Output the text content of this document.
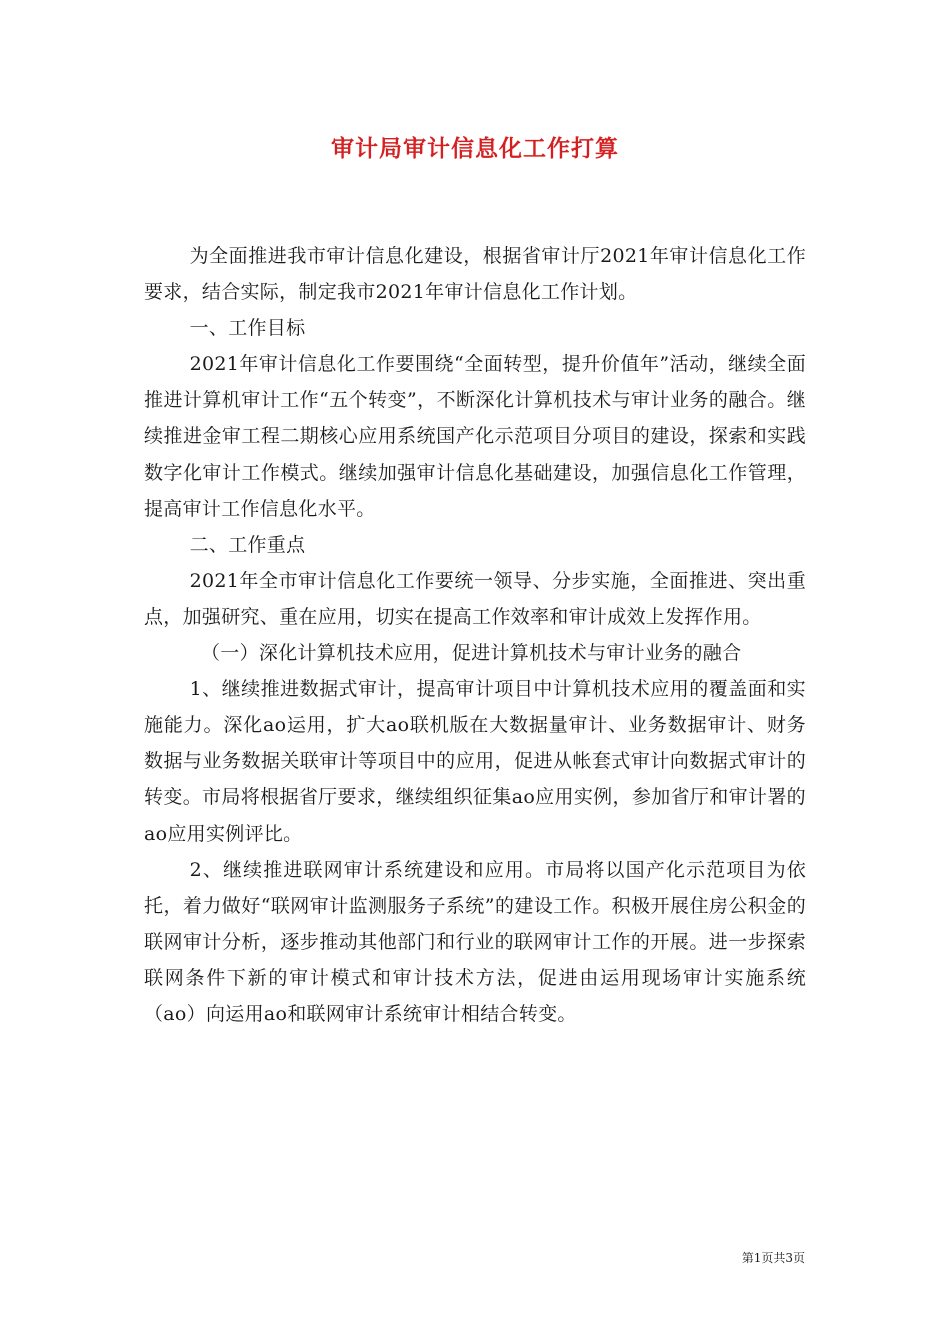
审计局审计信息化工作打算

为全面推进我市审计信息化建设，根据省审计厅2021年审计信息化工作要求，结合实际，制定我市2021年审计信息化工作计划。

一、工作目标

2021年审计信息化工作要围绕“全面转型，提升价值年”活动，继续全面推进计算机审计工作“五个转变”，不断深化计算机技术与审计业务的融合。继续推进金审工程二期核心应用系统国产化示范项目分项目的建设，探索和实践数字化审计工作模式。继续加强审计信息化基础建设，加强信息化工作管理，提高审计工作信息化水平。

二、工作重点

2021年全市审计信息化工作要统一领导、分步实施，全面推进、突出重点，加强研究、重在应用，切实在提高工作效率和审计成效上发挥作用。

（一）深化计算机技术应用，促进计算机技术与审计业务的融合

1、继续推进数据式审计，提高审计项目中计算机技术应用的覆盖面和实施能力。深化ao运用，扩大ao联机版在大数据量审计、业务数据审计、财务数据与业务数据关联审计等项目中的应用，促进从帐套式审计向数据式审计的转变。市局将根据省厅要求，继续组织征集ao应用实例，参加省厅和审计署的ao应用实例评比。

2、继续推进联网审计系统建设和应用。市局将以国产化示范项目为依托，着力做好“联网审计监测服务子系统”的建设工作。积极开展住房公积金的联网审计分析，逐步推动其他部门和行业的联网审计工作的开展。进一步探索联网条件下新的审计模式和审计技术方法，促进由运用现场审计实施系统（ao）向运用ao和联网审计系统审计相结合转变。

第1页共3页
